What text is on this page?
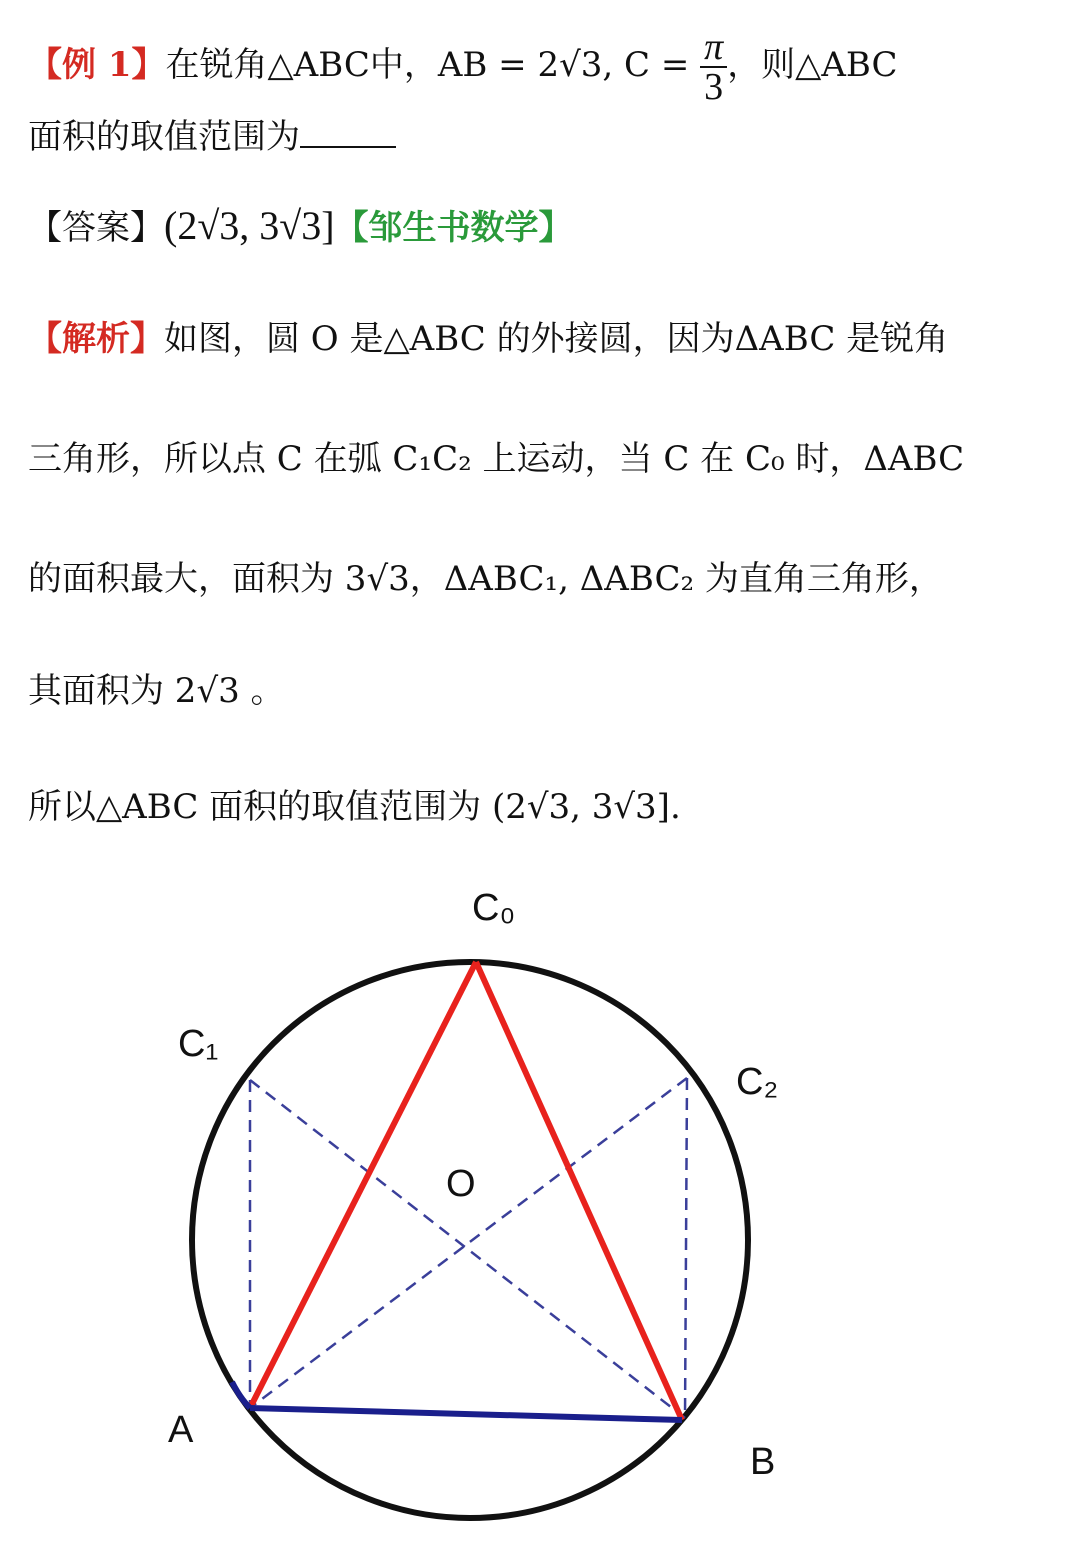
【例 1】在锐角△ABC中，AB = 2√3, $C = \frac{\pi}{3}$ ，则△ABC
面积的取值范围为
【答案】(2√3, 3√3]【邹生书数学】
【解析】如图，圆 O 是△ABC 的外接圆，因为ΔABC 是锐角
三角形，所以点 C 在弧 C₁C₂ 上运动，当 C 在 C₀ 时，ΔABC
的面积最大，面积为 3√3，ΔABC₁, ΔABC₂ 为直角三角形，
其面积为 2√3 。
所以△ABC 面积的取值范围为 (2√3, 3√3].
C₀
C₁
C₂
O
A
B
